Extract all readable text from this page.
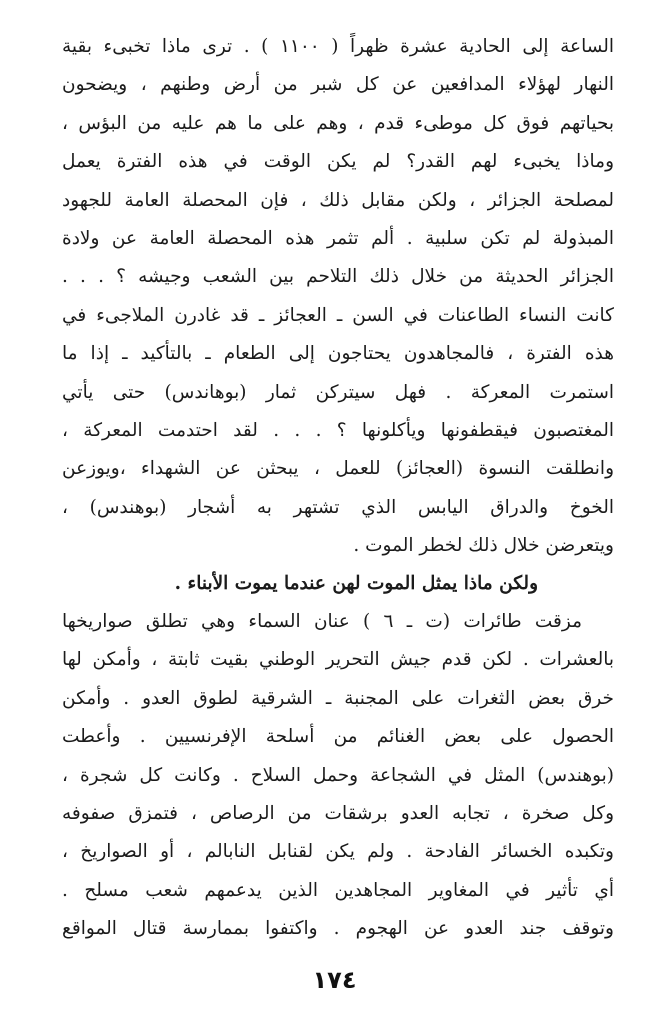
الساعة إلى الحادية عشرة ظهراً ( ١١٠٠ ) . ترى ماذا تخبىء بقية
النهار لهؤلاء المدافعين عن كل شبر من أرض وطنهم ، ويضحون
بحياتهم فوق كل موطىء قدم ، وهم على ما هم عليه من البؤس ،
وماذا يخبىء لهم القدر؟ لم يكن الوقت في هذه الفترة يعمل
لمصلحة الجزائر ، ولكن مقابل ذلك ، فإن المحصلة العامة للجهود
المبذولة لم تكن سلبية . ألم تثمر هذه المحصلة العامة عن ولادة
الجزائر الحديثة من خلال ذلك التلاحم بين الشعب وجيشه ؟ . . .
كانت النساء الطاعنات في السن ـ العجائز ـ قد غادرن الملاجىء في
هذه الفترة ، فالمجاهدون يحتاجون إلى الطعام ـ بالتأكيد ـ إذا ما
استمرت المعركة . فهل سيتركن ثمار (بوهاندس) حتى يأتي
المغتصبون فيقطفونها ويأكلونها ؟ . . . لقد احتدمت المعركة ،
وانطلقت النسوة (العجائز) للعمل ، يبحثن عن الشهداء ،ويوزعن
الخوخ والدراق اليابس الذي تشتهر به أشجار (بوهندس) ،
ويتعرضن خلال ذلك لخطر الموت .
ولكن ماذا يمثل الموت لهن عندما يموت الأبناء .
مزقت طائرات (ت ـ ٦ ) عنان السماء وهي تطلق صواريخها
بالعشرات . لكن قدم جيش التحرير الوطني بقيت ثابتة ، وأمكن لها
خرق بعض الثغرات على المجنبة ـ الشرقية لطوق العدو . وأمكن
الحصول على بعض الغنائم من أسلحة الإفرنسيين . وأعطت
(بوهندس) المثل في الشجاعة وحمل السلاح . وكانت كل شجرة ،
وكل صخرة ، تجابه العدو برشقات من الرصاص ، فتمزق صفوفه
وتكبده الخسائر الفادحة . ولم يكن لقنابل النابالم ، أو الصواريخ ،
أي تأثير في المغاوير المجاهدين الذين يدعمهم شعب مسلح .
وتوقف جند العدو عن الهجوم . واكتفوا بممارسة قتال المواقع
١٧٤
